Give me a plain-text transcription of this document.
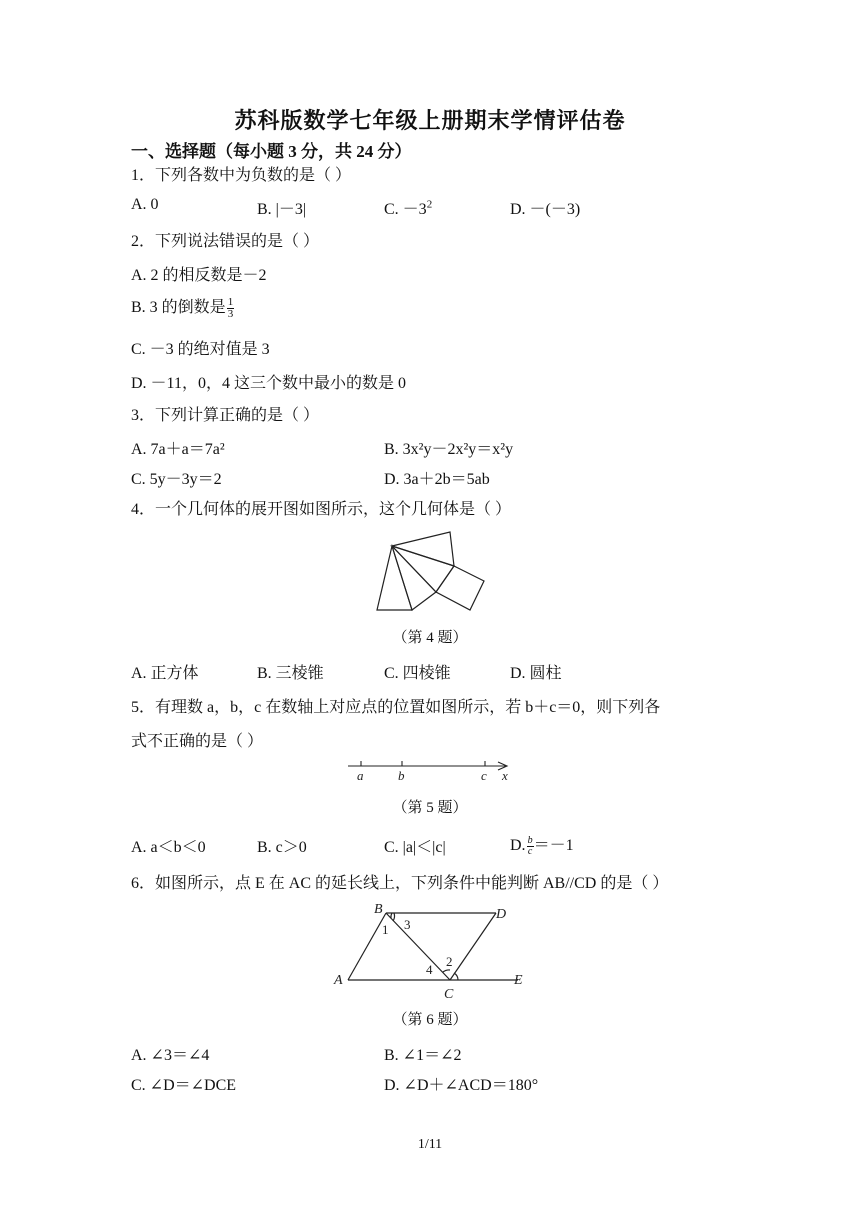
苏科版数学七年级上册期末学情评估卷
一、选择题（每小题 3 分，共 24 分）
1．下列各数中为负数的是（ ）
A. 0	B. |－3|	C. $-3^2$	D. －(－3)
2．下列说法错误的是（ ）
A. 2 的相反数是－2
B. 3 的倒数是 $\frac{1}{3}$
C. －3 的绝对值是 3
D. －11，0，4 这三个数中最小的数是 0
3．下列计算正确的是（ ）
A. 7a＋a＝7a²	B. 3x²y－2x²y＝x²y
C. 5y－3y＝2	D. 3a＋2b＝5ab
4．一个几何体的展开图如图所示，这个几何体是（ ）
（第 4 题）
A. 正方体	B. 三棱锥	C. 四棱锥	D. 圆柱
5．有理数 a，b，c 在数轴上对应点的位置如图所示，若 b＋c＝0，则下列各
式不正确的是（ ）
a	b	c x
（第 5 题）
A. a＜b＜0	B. c＞0	C. |a|＜|c|	D. $\frac{b}{c} =-1$
6．如图所示，点 E 在 AC 的延长线上，下列条件中能判断 AB//CD 的是（ ）
A
B
C
D
E
1
2
3
4
（第 6 题）
A. ∠3＝∠4	B. ∠1＝∠2
C. ∠D＝∠DCE	D. ∠D＋∠ACD＝180°
1/11
